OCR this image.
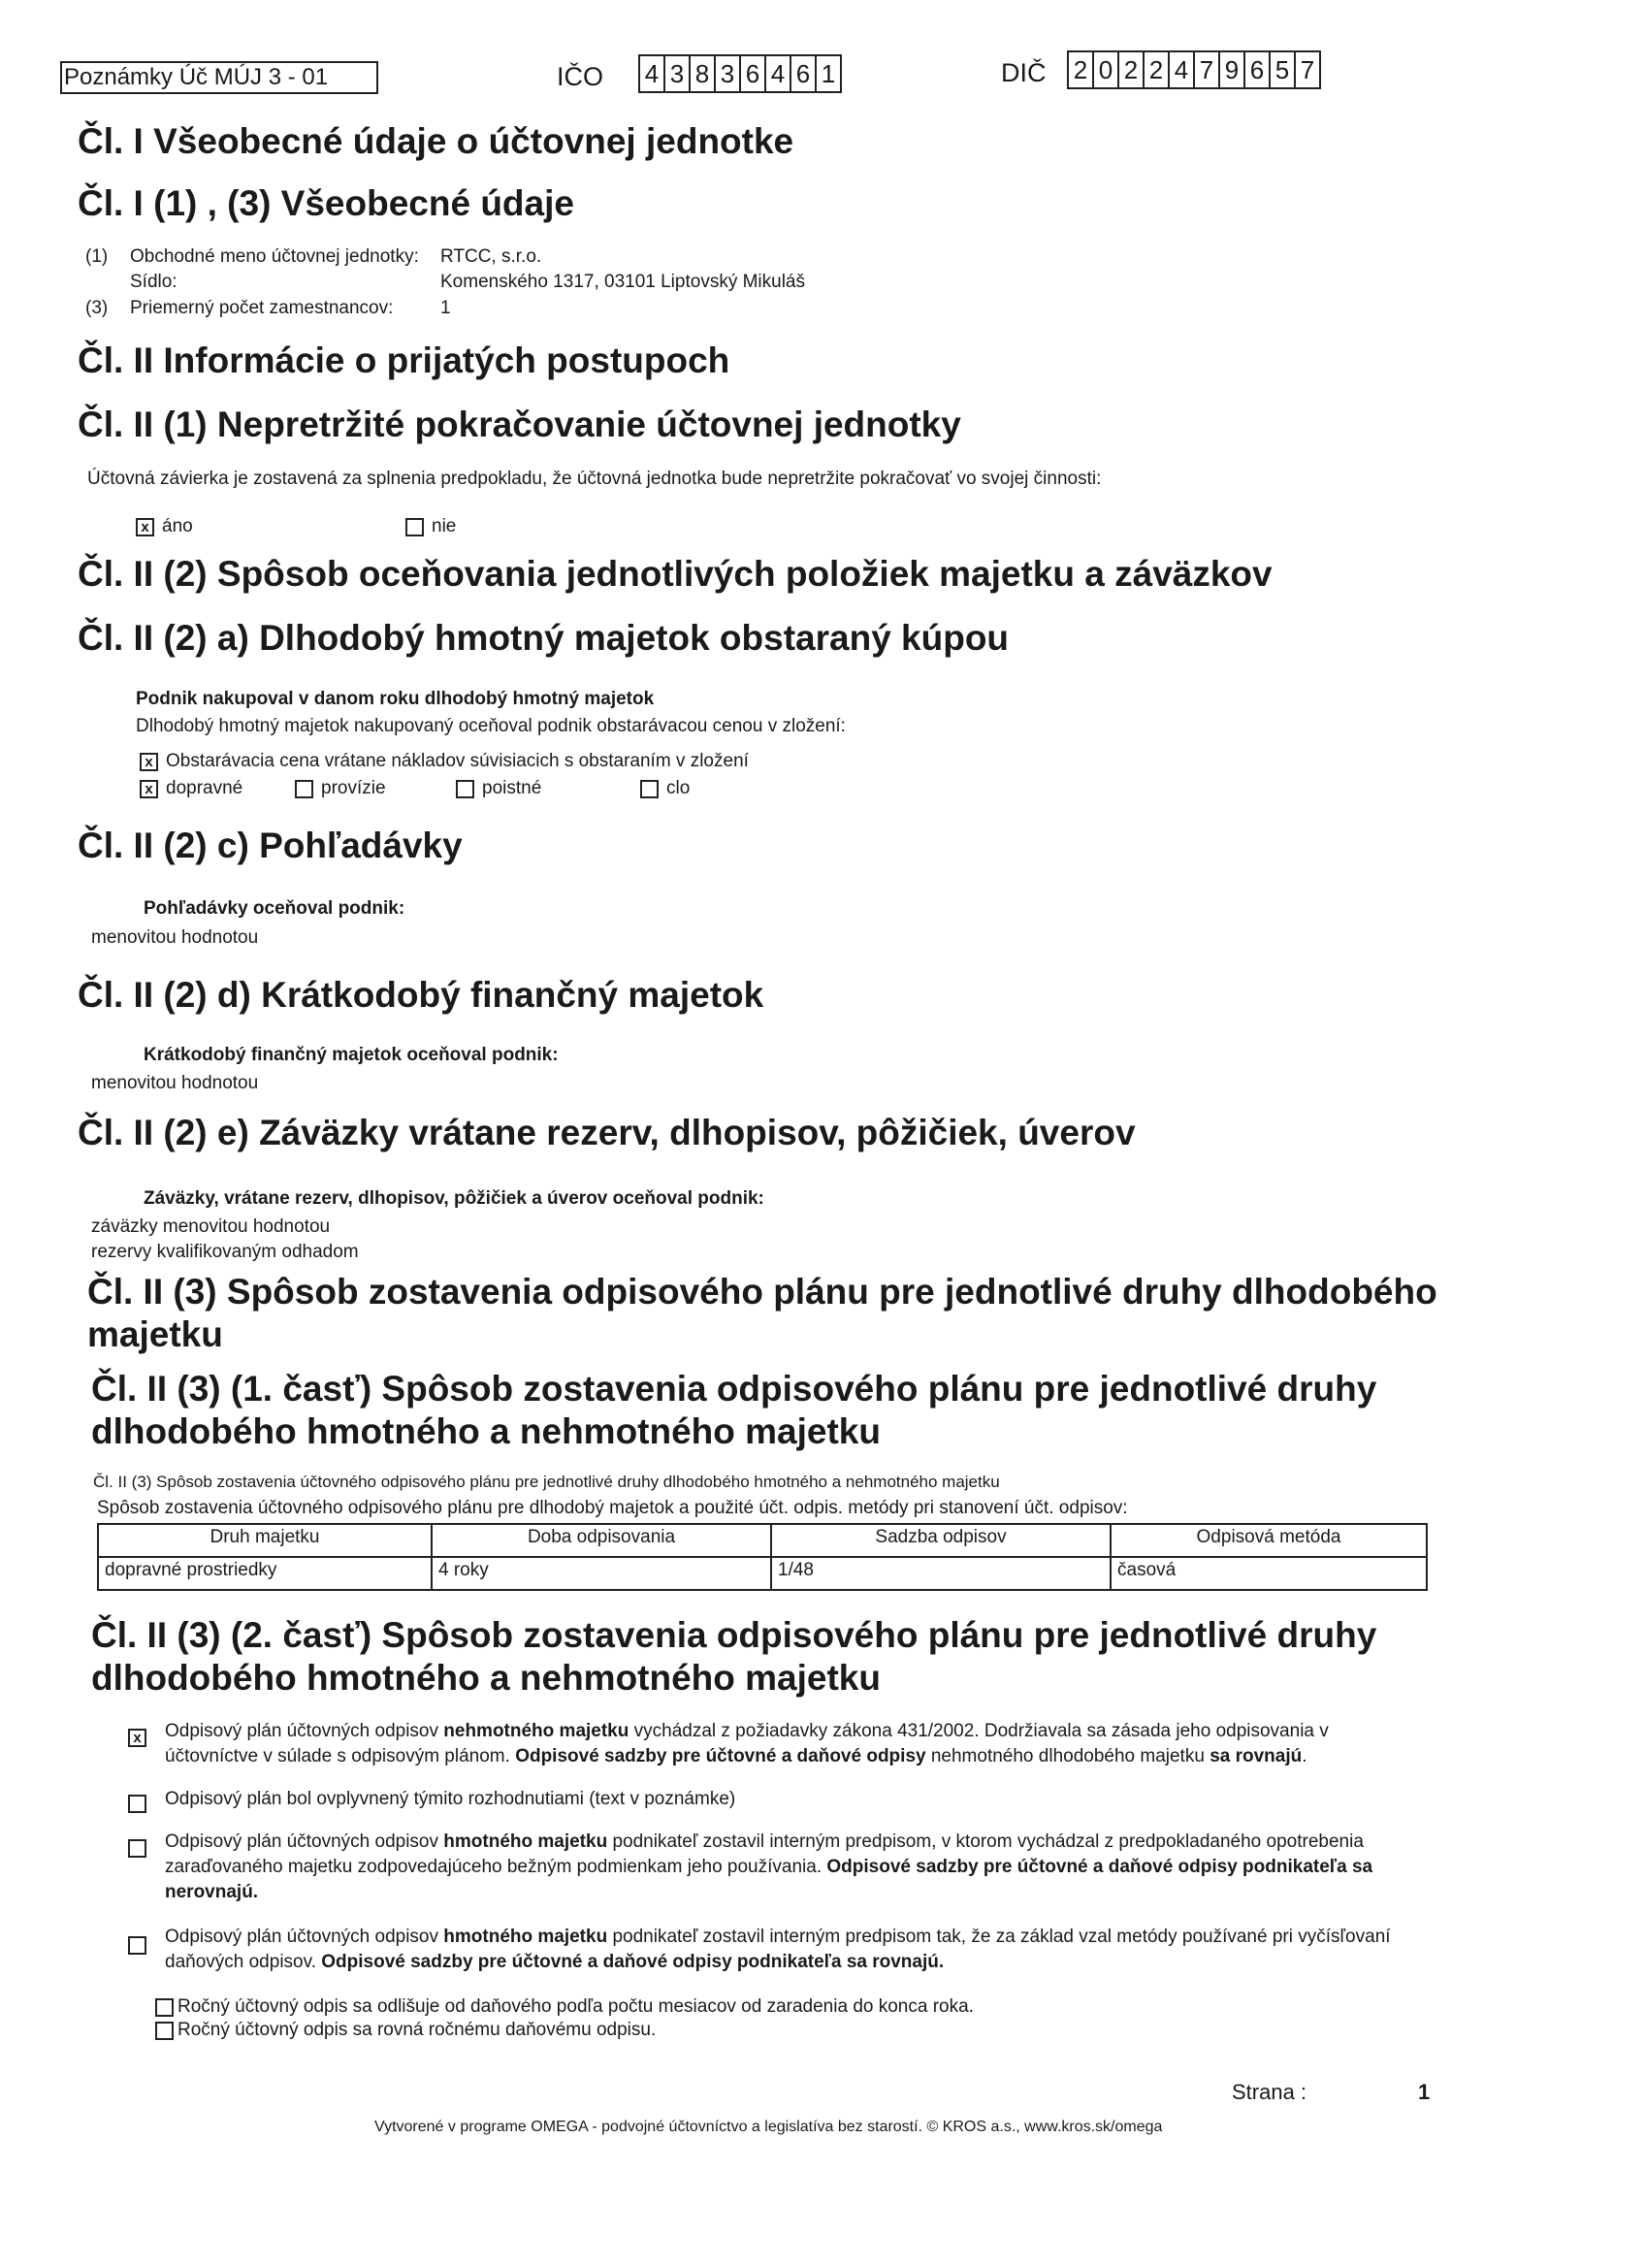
Poznámky Úč MÚJ 3 - 01	IČO 4 3 8 3 6 4 6 1	DIČ 2 0 2 2 4 7 9 6 5 7
Čl. I Všeobecné údaje o účtovnej jednotke
Čl. I (1) , (3) Všeobecné údaje
(1) Obchodné meno účtovnej jednotky: RTCC, s.r.o.
Sídlo:	Komenského 1317, 03101 Liptovský Mikuláš
(3) Priemerný počet zamestnancov:	1
Čl. II Informácie o prijatých postupoch
Čl. II (1) Nepretržité pokračovanie účtovnej jednotky
Účtovná závierka je zostavená za splnenia predpokladu, že účtovná jednotka bude nepretržite pokračovať vo svojej činnosti:
x áno	nie
Čl. II (2) Spôsob oceňovania jednotlivých položiek majetku a záväzkov
Čl. II (2) a) Dlhodobý hmotný majetok obstaraný kúpou
Podnik nakupoval v danom roku dlhodobý hmotný majetok
Dlhodobý hmotný majetok nakupovaný oceňoval podnik obstarávacou cenou v zložení:
x Obstarávacia cena vrátane nákladov súvisiacich s obstaraním v zložení
x dopravné	provízie	poistné	clo
Čl. II (2) c) Pohľadávky
Pohľadávky oceňoval podnik:
menovitou hodnotou
Čl. II (2) d) Krátkodobý finančný majetok
Krátkodobý finančný majetok oceňoval podnik:
menovitou hodnotou
Čl. II (2) e) Záväzky vrátane rezerv, dlhopisov, pôžičiek, úverov
Záväzky, vrátane rezerv, dlhopisov, pôžičiek a úverov oceňoval podnik:
záväzky menovitou hodnotou
rezervy kvalifikovaným odhadom
Čl. II (3) Spôsob zostavenia odpisového plánu pre jednotlivé druhy dlhodobého
majetku
Čl. II (3) (1. časť) Spôsob zostavenia odpisového plánu pre jednotlivé druhy
dlhodobého hmotného a nehmotného majetku
Čl. II (3) Spôsob zostavenia účtovného odpisového plánu pre jednotlivé druhy dlhodobého hmotného a nehmotného majetku
Spôsob zostavenia účtovného odpisového plánu pre dlhodobý majetok a použité účt. odpis. metódy pri stanovení účt. odpisov:
Druh majetku	Doba odpisovania	Sadzba odpisov	Odpisová metóda
dopravné prostriedky	4 roky	1/48	časová
Čl. II (3) (2. časť) Spôsob zostavenia odpisového plánu pre jednotlivé druhy
dlhodobého hmotného a nehmotného majetku
x Odpisový plán účtovných odpisov nehmotného majetku vychádzal z požiadavky zákona 431/2002. Dodržiavala sa zásada jeho odpisovania v
účtovníctve v súlade s odpisovým plánom. Odpisové sadzby pre účtovné a daňové odpisy nehmotného dlhodobého majetku sa rovnajú.
Odpisový plán bol ovplyvnený týmito rozhodnutiami (text v poznámke)
Odpisový plán účtovných odpisov hmotného majetku podnikateľ zostavil interným predpisom, v ktorom vychádzal z predpokladaného opotrebenia
zaraďovaného majetku zodpovedajúceho bežným podmienkam jeho používania. Odpisové sadzby pre účtovné a daňové odpisy podnikateľa sa
nerovnajú.
Odpisový plán účtovných odpisov hmotného majetku podnikateľ zostavil interným predpisom tak, že za základ vzal metódy používané pri vyčísľovaní
daňových odpisov. Odpisové sadzby pre účtovné a daňové odpisy podnikateľa sa rovnajú.
Ročný účtovný odpis sa odlišuje od daňového podľa počtu mesiacov od zaradenia do konca roka.
Ročný účtovný odpis sa rovná ročnému daňovému odpisu.
Strana :	1
Vytvorené v programe OMEGA - podvojné účtovníctvo a legislatíva bez starostí. © KROS a.s., www.kros.sk/omega
